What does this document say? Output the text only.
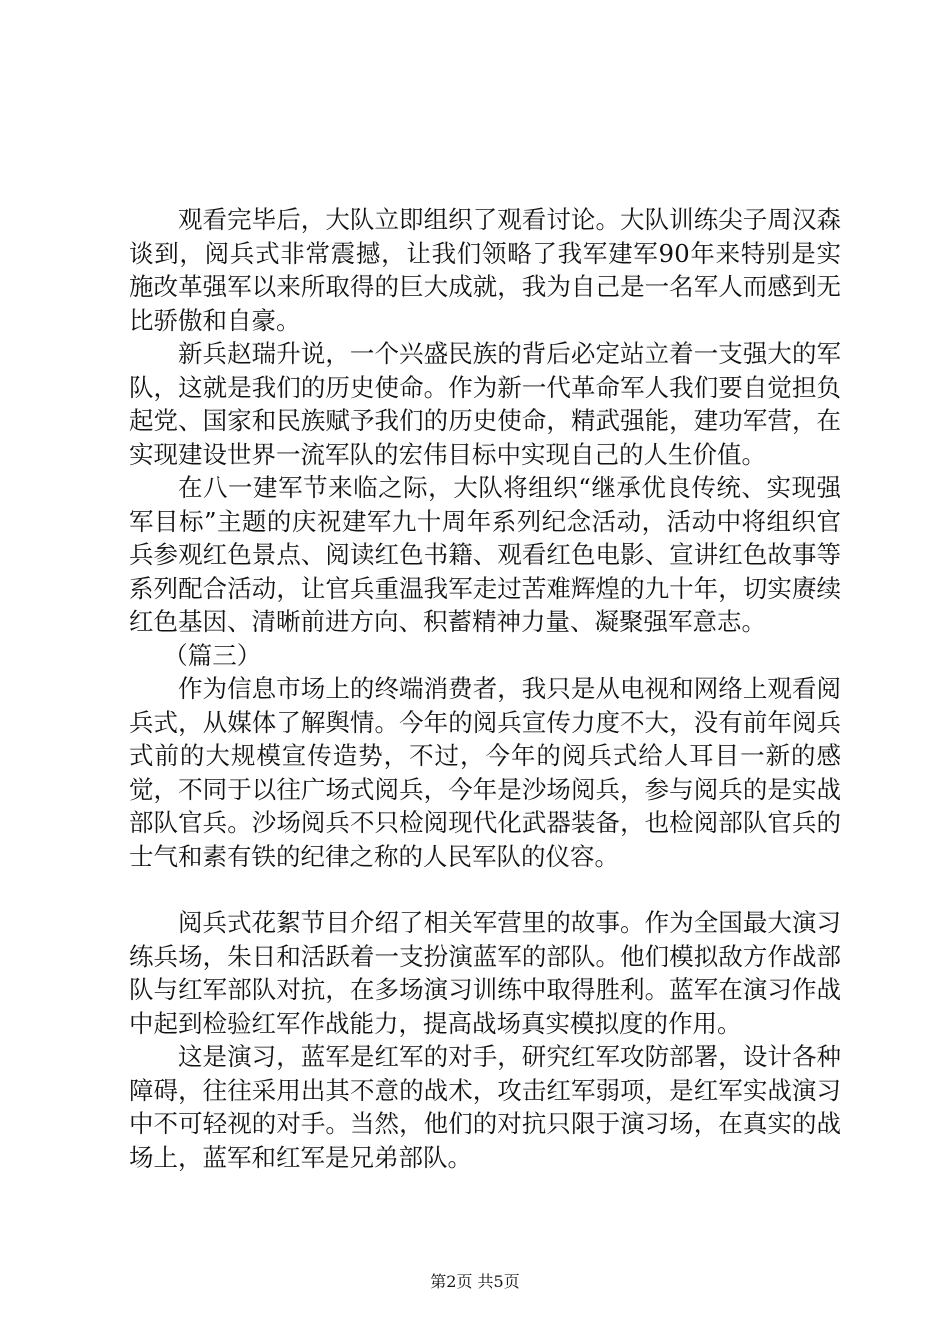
观看完毕后，大队立即组织了观看讨论。大队训练尖子周汉森谈到，阅兵式非常震撼，让我们领略了我军建军90年来特别是实施改革强军以来所取得的巨大成就，我为自己是一名军人而感到无比骄傲和自豪。

新兵赵瑞升说，一个兴盛民族的背后必定站立着一支强大的军队，这就是我们的历史使命。作为新一代革命军人我们要自觉担负起党、国家和民族赋予我们的历史使命，精武强能，建功军营，在实现建设世界一流军队的宏伟目标中实现自己的人生价值。

在八一建军节来临之际，大队将组织“继承优良传统、实现强军目标”主题的庆祝建军九十周年系列纪念活动，活动中将组织官兵参观红色景点、阅读红色书籍、观看红色电影、宣讲红色故事等系列配合活动，让官兵重温我军走过苦难辉煌的九十年，切实赓续红色基因、清晰前进方向、积蓄精神力量、凝聚强军意志。

（篇三）

作为信息市场上的终端消费者，我只是从电视和网络上观看阅兵式，从媒体了解舆情。今年的阅兵宣传力度不大，没有前年阅兵式前的大规模宣传造势，不过，今年的阅兵式给人耳目一新的感觉，不同于以往广场式阅兵，今年是沙场阅兵，参与阅兵的是实战部队官兵。沙场阅兵不只检阅现代化武器装备，也检阅部队官兵的士气和素有铁的纪律之称的人民军队的仪容。

阅兵式花絮节目介绍了相关军营里的故事。作为全国最大演习练兵场，朱日和活跃着一支扮演蓝军的部队。他们模拟敌方作战部队与红军部队对抗，在多场演习训练中取得胜利。蓝军在演习作战中起到检验红军作战能力，提高战场真实模拟度的作用。

这是演习，蓝军是红军的对手，研究红军攻防部署，设计各种障碍，往往采用出其不意的战术，攻击红军弱项，是红军实战演习中不可轻视的对手。当然，他们的对抗只限于演习场，在真实的战场上，蓝军和红军是兄弟部队。

第2页 共5页
